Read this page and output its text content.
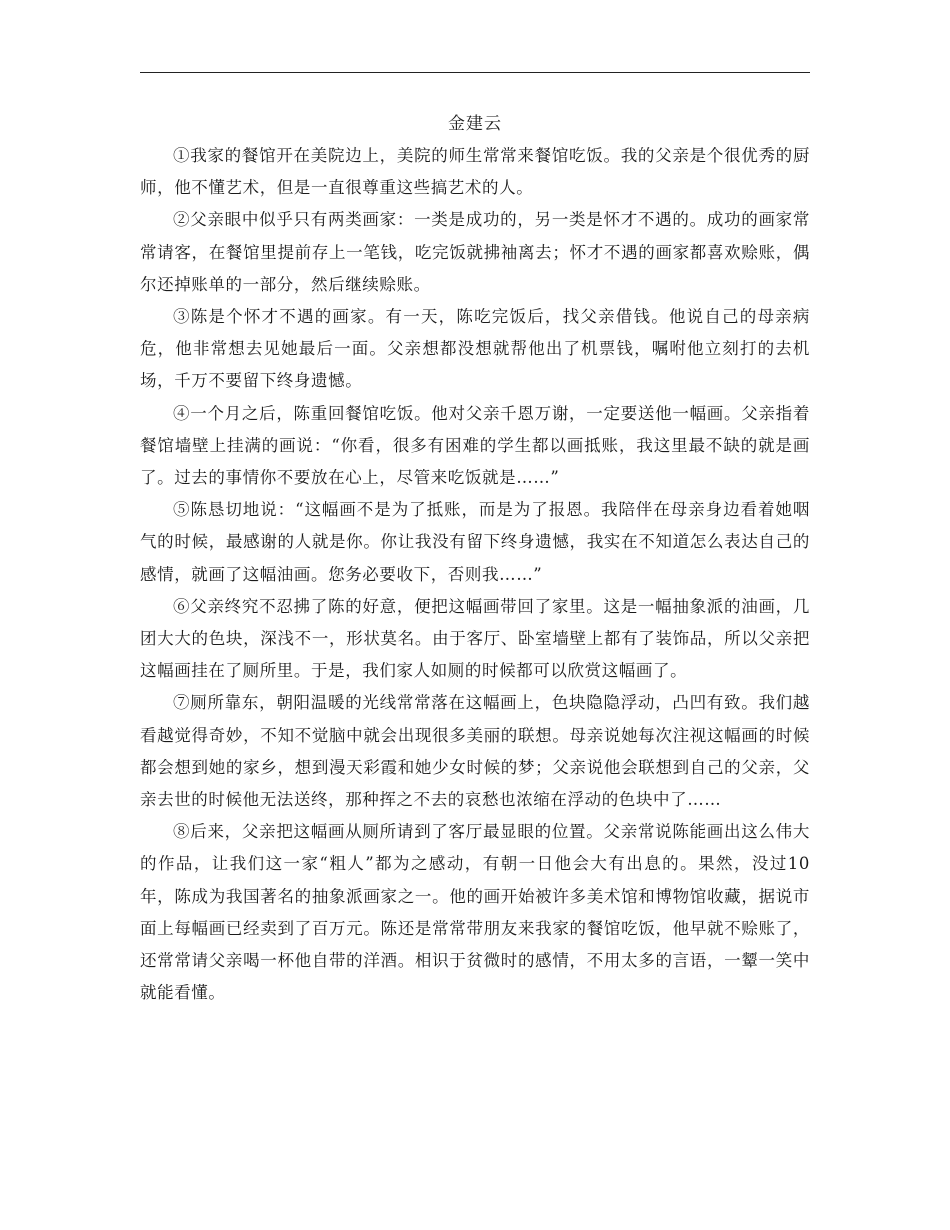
金建云

①我家的餐馆开在美院边上，美院的师生常常来餐馆吃饭。我的父亲是个很优秀的厨师，他不懂艺术，但是一直很尊重这些搞艺术的人。

②父亲眼中似乎只有两类画家：一类是成功的，另一类是怀才不遇的。成功的画家常常请客，在餐馆里提前存上一笔钱，吃完饭就拂袖离去；怀才不遇的画家都喜欢赊账，偶尔还掉账单的一部分，然后继续赊账。

③陈是个怀才不遇的画家。有一天，陈吃完饭后，找父亲借钱。他说自己的母亲病危，他非常想去见她最后一面。父亲想都没想就帮他出了机票钱，嘱咐他立刻打的去机场，千万不要留下终身遗憾。

④一个月之后，陈重回餐馆吃饭。他对父亲千恩万谢，一定要送他一幅画。父亲指着餐馆墙壁上挂满的画说：“你看，很多有困难的学生都以画抵账，我这里最不缺的就是画了。过去的事情你不要放在心上，尽管来吃饭就是……”

⑤陈恳切地说：“这幅画不是为了抵账，而是为了报恩。我陪伴在母亲身边看着她咽气的时候，最感谢的人就是你。你让我没有留下终身遗憾，我实在不知道怎么表达自己的感情，就画了这幅油画。您务必要收下，否则我……”

⑥父亲终究不忍拂了陈的好意，便把这幅画带回了家里。这是一幅抽象派的油画，几团大大的色块，深浅不一，形状莫名。由于客厅、卧室墙壁上都有了装饰品，所以父亲把这幅画挂在了厕所里。于是，我们家人如厕的时候都可以欣赏这幅画了。

⑦厕所靠东，朝阳温暖的光线常常落在这幅画上，色块隐隐浮动，凸凹有致。我们越看越觉得奇妙，不知不觉脑中就会出现很多美丽的联想。母亲说她每次注视这幅画的时候都会想到她的家乡，想到漫天彩霞和她少女时候的梦；父亲说他会联想到自己的父亲，父亲去世的时候他无法送终，那种挥之不去的哀愁也浓缩在浮动的色块中了……

⑧后来，父亲把这幅画从厕所请到了客厅最显眼的位置。父亲常说陈能画出这么伟大的作品，让我们这一家“粗人”都为之感动，有朝一日他会大有出息的。果然，没过10年，陈成为我国著名的抽象派画家之一。他的画开始被许多美术馆和博物馆收藏，据说市面上每幅画已经卖到了百万元。陈还是常常带朋友来我家的餐馆吃饭，他早就不赊账了，还常常请父亲喝一杯他自带的洋酒。相识于贫微时的感情，不用太多的言语，一颦一笑中就能看懂。
